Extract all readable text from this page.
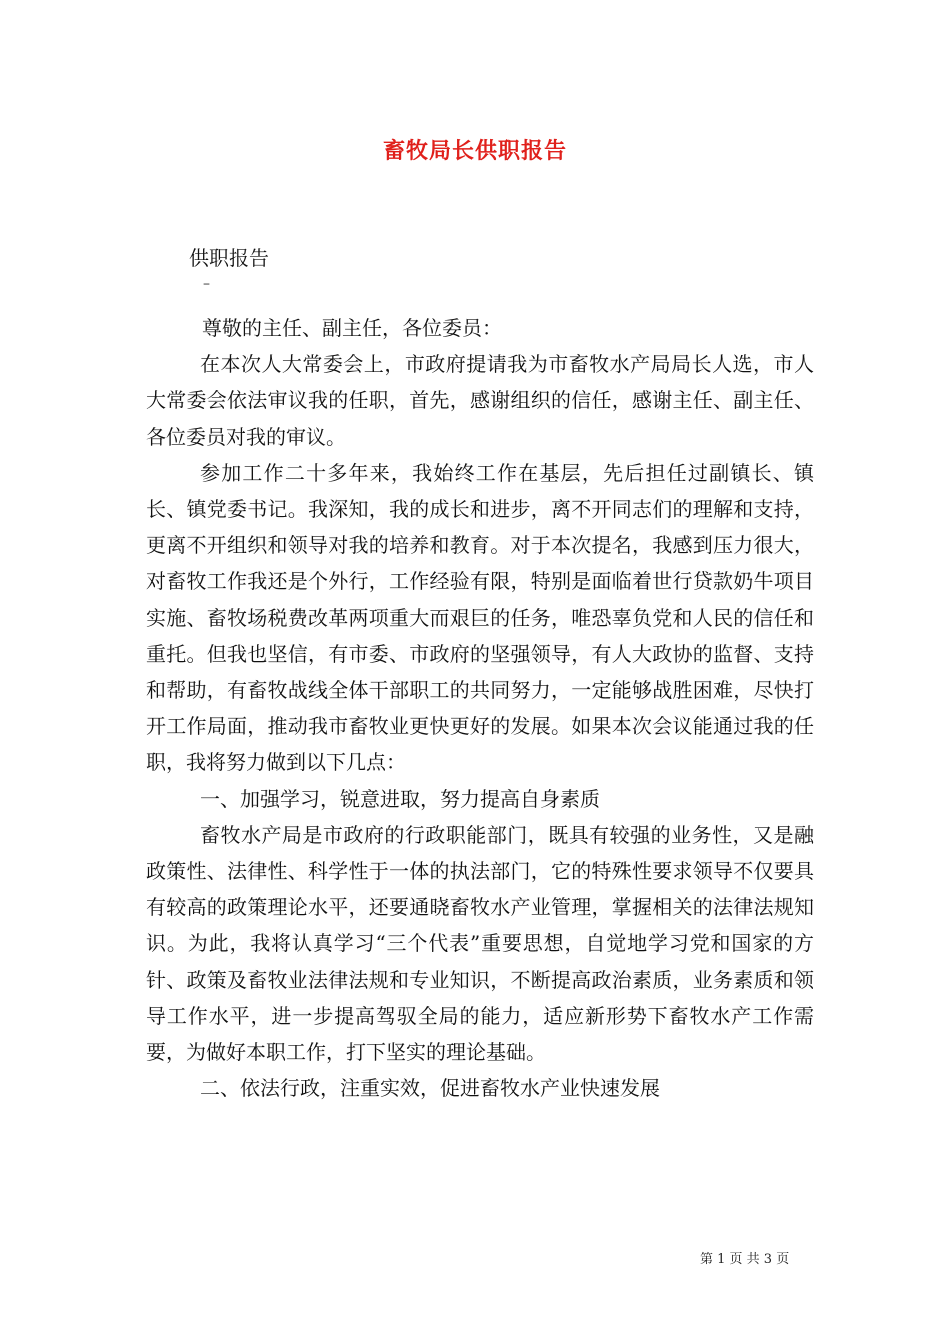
畜牧局长供职报告
供职报告
–

尊敬的主任、副主任，各位委员：

在本次人大常委会上，市政府提请我为市畜牧水产局局长人选，市人大常委会依法审议我的任职，首先，感谢组织的信任，感谢主任、副主任、各位委员对我的审议。

参加工作二十多年来，我始终工作在基层，先后担任过副镇长、镇长、镇党委书记。我深知，我的成长和进步，离不开同志们的理解和支持，更离不开组织和领导对我的培养和教育。对于本次提名，我感到压力很大，对畜牧工作我还是个外行，工作经验有限，特别是面临着世行贷款奶牛项目实施、畜牧场税费改革两项重大而艰巨的任务，唯恐辜负党和人民的信任和重托。但我也坚信，有市委、市政府的坚强领导，有人大政协的监督、支持和帮助，有畜牧战线全体干部职工的共同努力，一定能够战胜困难，尽快打开工作局面，推动我市畜牧业更快更好的发展。如果本次会议能通过我的任职，我将努力做到以下几点：

一、加强学习，锐意进取，努力提高自身素质

畜牧水产局是市政府的行政职能部门，既具有较强的业务性，又是融政策性、法律性、科学性于一体的执法部门，它的特殊性要求领导不仅要具有较高的政策理论水平，还要通晓畜牧水产业管理，掌握相关的法律法规知识。为此，我将认真学习“三个代表”重要思想，自觉地学习党和国家的方针、政策及畜牧业法律法规和专业知识，不断提高政治素质，业务素质和领导工作水平，进一步提高驾驭全局的能力，适应新形势下畜牧水产工作需要，为做好本职工作，打下坚实的理论基础。

二、依法行政，注重实效，促进畜牧水产业快速发展

第 1 页 共 3 页
